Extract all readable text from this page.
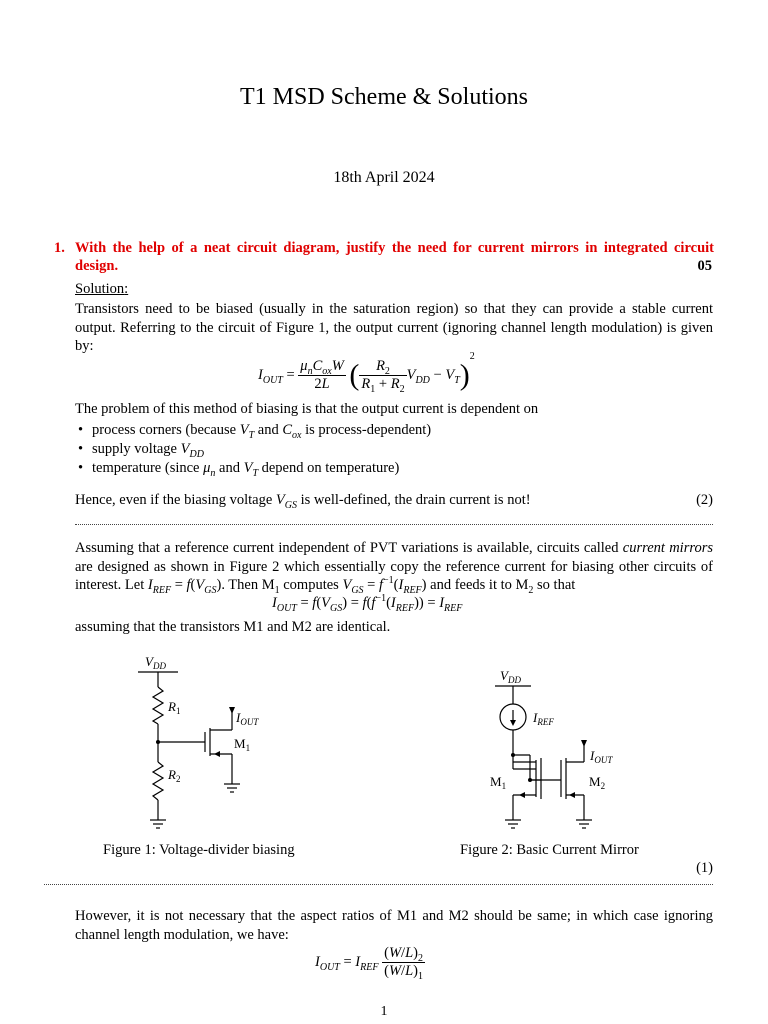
T1 MSD Scheme & Solutions
18th April 2024
1. With the help of a neat circuit diagram, justify the need for current mirrors in integrated circuit design.	05
Solution:
Transistors need to be biased (usually in the saturation region) so that they can provide a stable current output. Referring to the circuit of Figure 1, the output current (ignoring channel length modulation) is given by:
$I_{OUT} = \frac{\mu_nC_{ox}W}{2L}$ ( $\frac{R_2}{R_1 + R_2} V_{DD} - V_T)^2$
The problem of this method of biasing is that the output current is dependent on
• process corners (because $V_T$ and $C_{ox}$ is process-dependent)
• supply voltage $V_{DD}$
• temperature (since $\mu_n$ and $V_T$ depend on temperature)
Hence, even if the biasing voltage $V_{GS}$ is well-defined, the drain current is not!	(2)
Assuming that a reference current independent of PVT variations is available, circuits called current mirrors are designed as shown in Figure 2 which essentially copy the reference current for biasing other circuits of interest. Let $I_{REF} = f(V_{GS})$. Then $M_1$ computes $V_{GS} = f^{-1}(I_{REF})$ and feeds it to $M_2$ so that
$I_{OUT} = f(V_{GS}) = f(f^{-1}(I_{REF})) = I_{REF}$
assuming that the transistors M1 and M2 are identical.
$V_{DD}$
$R_1$
$R_2$
$I_{OUT}$
$M_1$
$V_{DD}$
$I_{REF}$
$I_{OUT}$
$M_1$	$M_2$
Figure 1: Voltage-divider biasing	Figure 2: Basic Current Mirror
(1)
However, it is not necessary that the aspect ratios of M1 and M2 should be same; in which case ignoring channel length modulation, we have:
$I_{OUT} = I_{REF} \frac{(W/L)_2}{(W/L)_1}$
1
